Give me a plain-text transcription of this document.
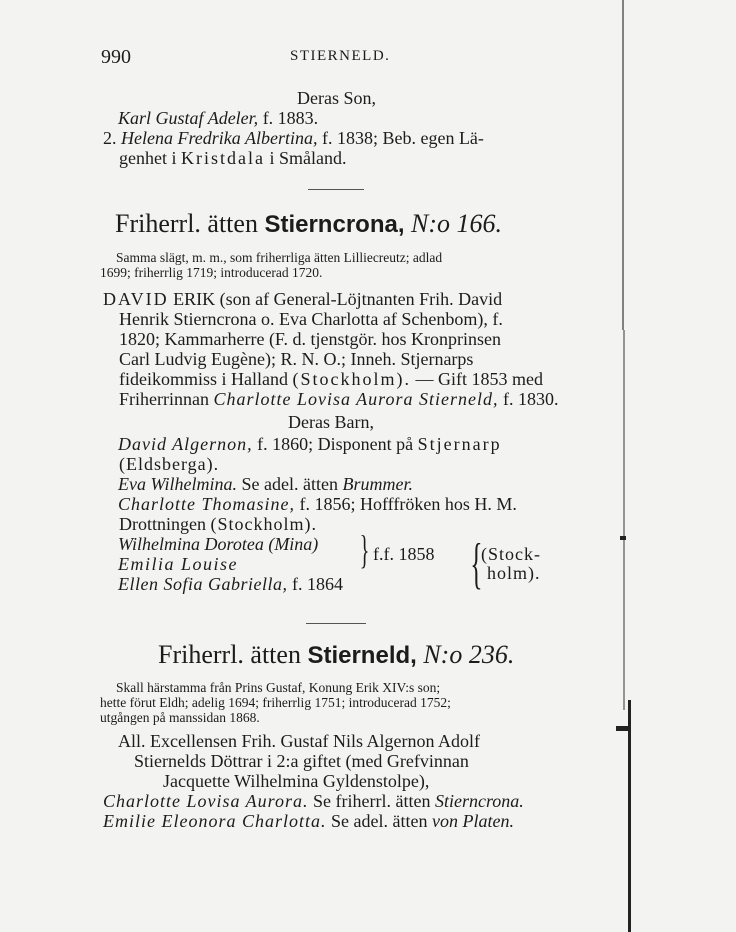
990	STIERNELD.
Deras Son,
Karl Gustaf Adeler, f. 1883.
2. Helena Fredrika Albertina, f. 1838; Beb. egen Lä-
genhet i Kristdala i Småland.
Friherrl. ätten Stierncrona, N:o 166.
Samma slägt, m. m., som friherrliga ätten Lilliecreutz; adlad
1699; friherrlig 1719; introducerad 1720.
DAVID ERIK (son af General-Löjtnanten Frih. David
Henrik Stierncrona o. Eva Charlotta af Schenbom), f.
1820; Kammarherre (F. d. tjenstgör. hos Kronprinsen
Carl Ludvig Eugène); R. N. O.; Inneh. Stjernarps
fideikommiss i Halland (Stockholm). — Gift 1853 med
Friherrinnan Charlotte Lovisa Aurora Stierneld, f. 1830.
Deras Barn,
David Algernon, f. 1860; Disponent på Stjernarp
(Eldsberga).
Eva Wilhelmina. Se adel. ätten Brummer.
Charlotte Thomasine, f. 1856; Hofffröken hos H. M.
Drottningen (Stockholm).
Wilhelmina Dorotea (Mina)
Emilia Louise	} f.f. 1858
Ellen Sofia Gabriella, f. 1864 {
(Stock-
holm).
Friherrl. ätten Stierneld, N:o 236.
Skall härstamma från Prins Gustaf, Konung Erik XIV:s son;
hette förut Eldh; adelig 1694; friherrlig 1751; introducerad 1752;
utgången på manssidan 1868.
All. Excellensen Frih. Gustaf Nils Algernon Adolf
Stiernelds Döttrar i 2:a giftet (med Grefvinnan
Jacquette Wilhelmina Gyldenstolpe),
Charlotte Lovisa Aurora. Se friherrl. ätten Stierncrona.
Emilie Eleonora Charlotta. Se adel. ätten von Platen.
